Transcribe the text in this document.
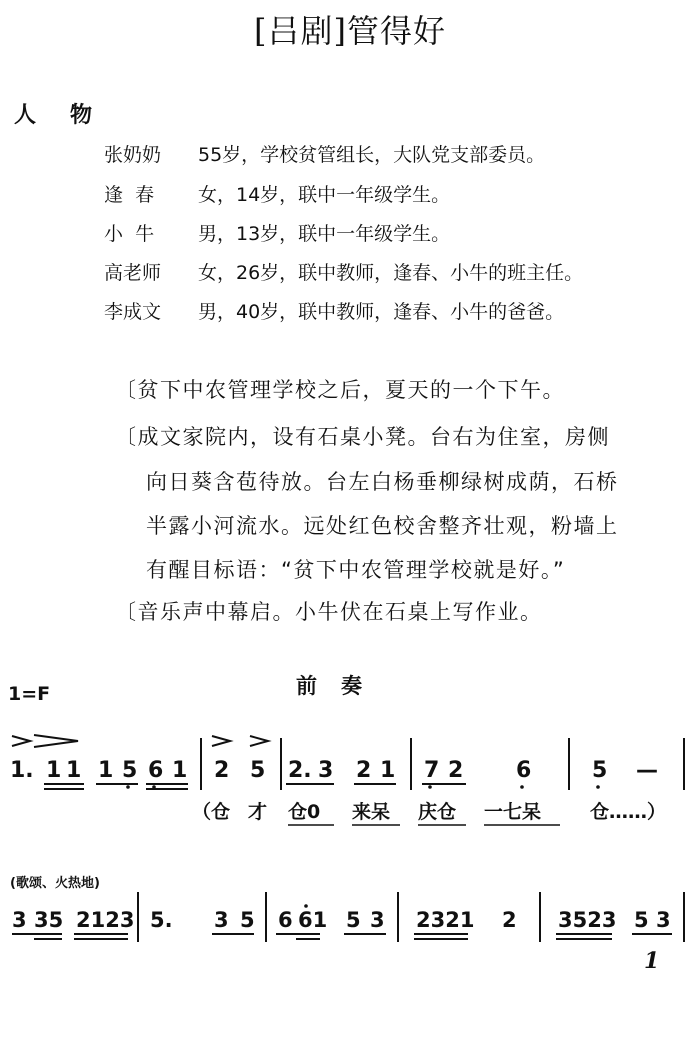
[吕剧]管得好
人 物
张奶奶 55岁，学校贫管组长，大队党支部委员。
逢  春 女，14岁，联中一年级学生。
小  牛 男，13岁，联中一年级学生。
高老师 女，26岁，联中教师，逢春、小牛的班主任。
李成文 男，40岁，联中教师，逢春、小牛的爸爸。
〔贫下中农管理学校之后，夏天的一个下午。
〔成文家院内，设有石桌小凳。台右为住室，房侧
向日葵含苞待放。台左白杨垂柳绿树成荫，石桥
半露小河流水。远处红色校舍整齐壮观，粉墙上
有醒目标语：“贫下中农管理学校就是好。”
〔音乐声中幕启。小牛伏在石桌上写作业。
前奏
1=F
1. 1 1 1 5 6 1 2 5 2. 3 2 1 7 2 6	5 —
（仓 才 仓0 来呆 庆仓 一七呆	仓……）
3 35 2123 5. 3 5 6 61 5 3 2321 2 3523 5 3
(歌颂、火热地)
1
